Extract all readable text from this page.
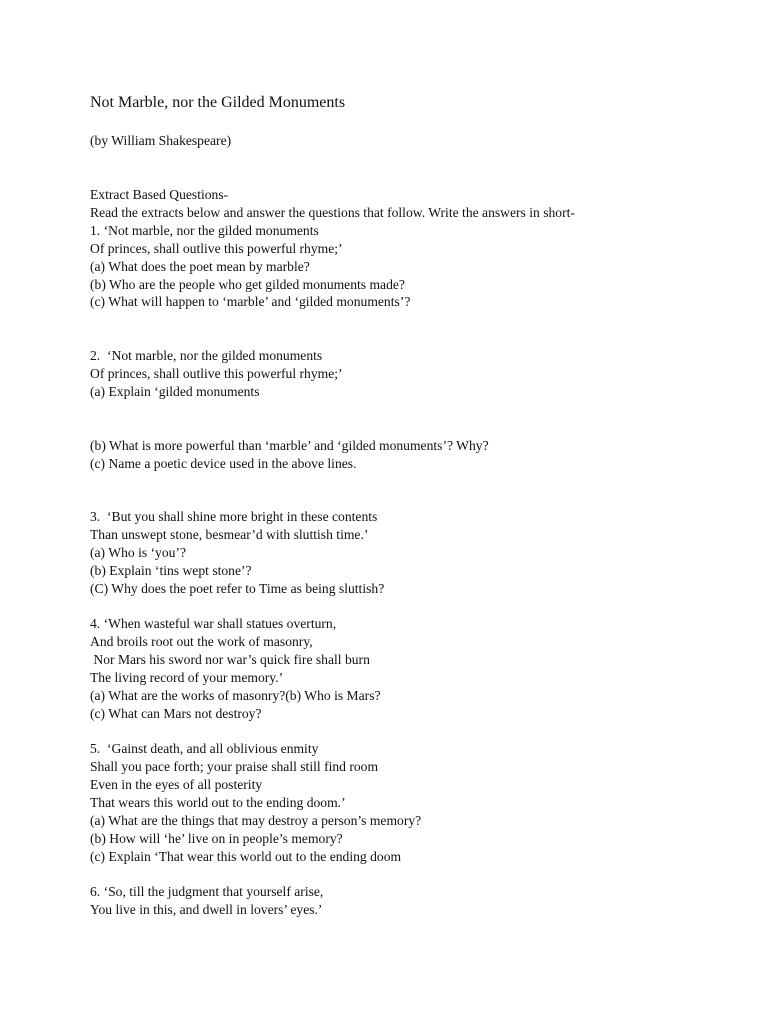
Not Marble, nor the Gilded Monuments
(by William Shakespeare)
Extract Based Questions-
Read the extracts below and answer the questions that follow. Write the answers in short-
1. ‘Not marble, nor the gilded monuments
Of princes, shall outlive this powerful rhyme;’
(a) What does the poet mean by marble?
(b) Who are the people who get gilded monuments made?
(c) What will happen to ‘marble’ and ‘gilded monuments’?
2.  ‘Not marble, nor the gilded monuments
Of princes, shall outlive this powerful rhyme;’
(a) Explain ‘gilded monuments
(b) What is more powerful than ‘marble’ and ‘gilded monuments’? Why?
(c) Name a poetic device used in the above lines.
3.  ‘But you shall shine more bright in these contents
Than unswept stone, besmear’d with sluttish time.’
(a) Who is ‘you’?
(b) Explain ‘tins wept stone’?
(C) Why does the poet refer to Time as being sluttish?
4. ‘When wasteful war shall statues overturn,
And broils root out the work of masonry,
Nor Mars his sword nor war’s quick fire shall burn
The living record of your memory.’
(a) What are the works of masonry?(b) Who is Mars?
(c) What can Mars not destroy?
5.  ‘Gainst death, and all oblivious enmity
Shall you pace forth; your praise shall still find room
Even in the eyes of all posterity
That wears this world out to the ending doom.’
(a) What are the things that may destroy a person’s memory?
(b) How will ‘he’ live on in people’s memory?
(c) Explain ‘That wear this world out to the ending doom
6. ‘So, till the judgment that yourself arise,
You live in this, and dwell in lovers’ eyes.’
